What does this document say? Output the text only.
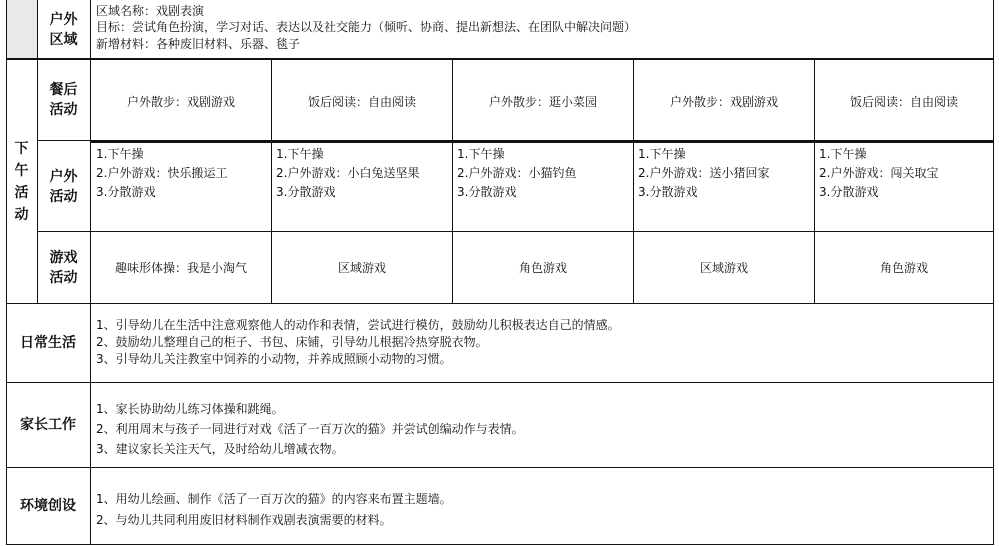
户外区域
区域名称：戏剧表演
目标：尝试角色扮演，学习对话、表达以及社交能力（倾听、协商、提出新想法、在团队中解决问题）
新增材料：各种废旧材料、乐器、毯子
下午活动
餐后活动
户外散步：戏剧游戏	饭后阅读：自由阅读	户外散步：逛小菜园	户外散步：戏剧游戏	饭后阅读：自由阅读
户外活动
1.下午操
2.户外游戏：快乐搬运工
3.分散游戏
1.下午操
2.户外游戏：小白兔送坚果
3.分散游戏
1.下午操
2.户外游戏：小猫钓鱼
3.分散游戏
1.下午操
2.户外游戏：送小猪回家
3.分散游戏
1.下午操
2.户外游戏：闯关取宝
3.分散游戏
游戏活动
趣味形体操：我是小淘气	区域游戏	角色游戏	区域游戏	角色游戏
日常生活
1、引导幼儿在生活中注意观察他人的动作和表情，尝试进行模仿，鼓励幼儿积极表达自己的情感。
2、鼓励幼儿整理自己的柜子、书包、床铺，引导幼儿根据冷热穿脱衣物。
3、引导幼儿关注教室中饲养的小动物，并养成照顾小动物的习惯。
家长工作
1、家长协助幼儿练习体操和跳绳。
2、利用周末与孩子一同进行对戏《活了一百万次的猫》并尝试创编动作与表情。
3、建议家长关注天气，及时给幼儿增减衣物。
环境创设 1、用幼儿绘画、制作《活了一百万次的猫》的内容来布置主题墙。
2、与幼儿共同利用废旧材料制作戏剧表演需要的材料。
